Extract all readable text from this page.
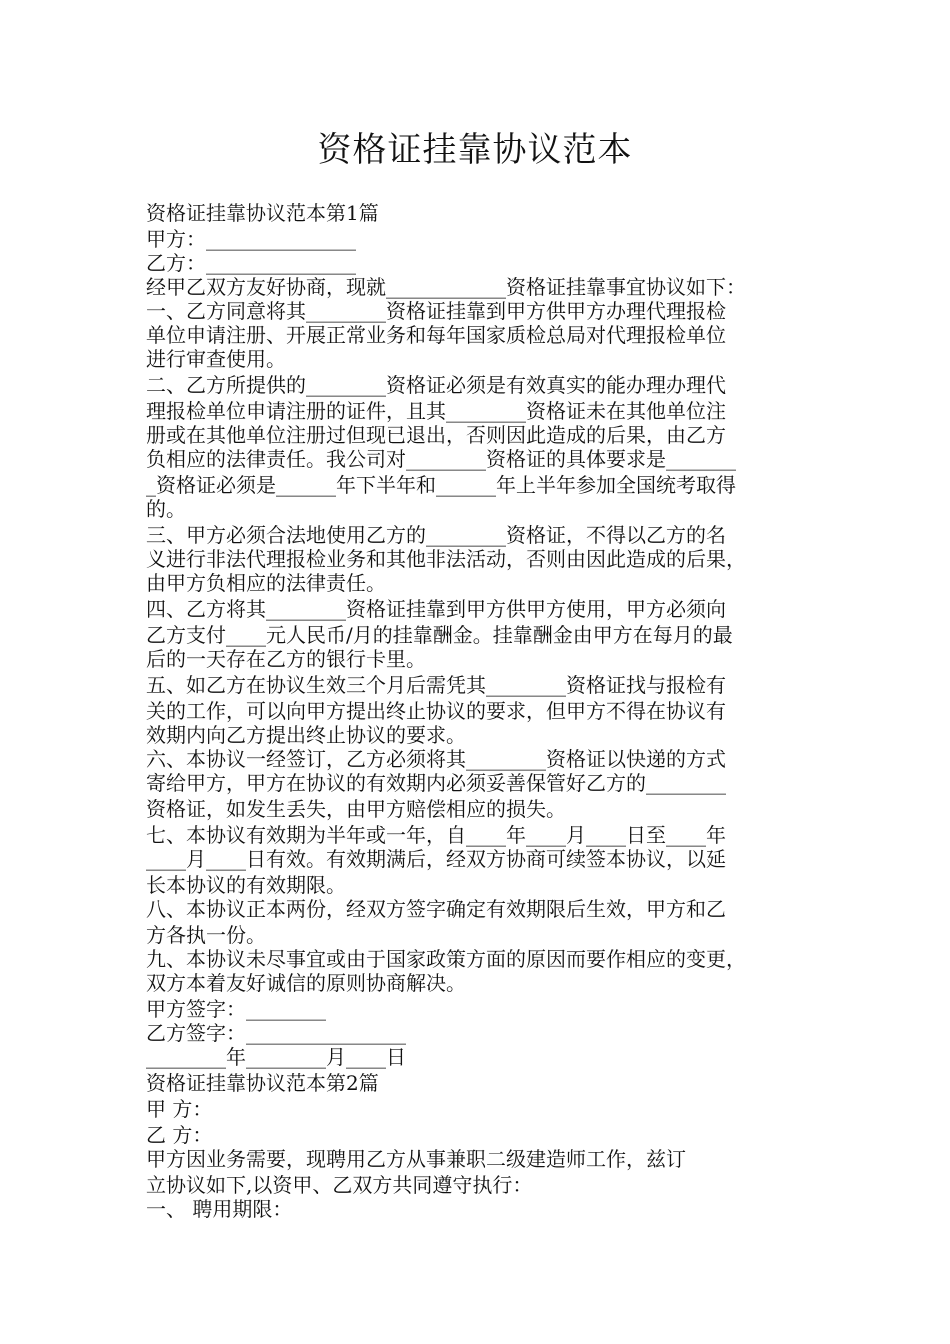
资格证挂靠协议范本
资格证挂靠协议范本第1篇
甲方：_______________
乙方：_______________
经甲乙双方友好协商，现就____________资格证挂靠事宜协议如下：
一、乙方同意将其________资格证挂靠到甲方供甲方办理代理报检
单位申请注册、开展正常业务和每年国家质检总局对代理报检单位
进行审查使用。
二、乙方所提供的________资格证必须是有效真实的能办理办理代
理报检单位申请注册的证件，且其________资格证未在其他单位注
册或在其他单位注册过但现已退出，否则因此造成的后果，由乙方
负相应的法律责任。我公司对________资格证的具体要求是_______
_资格证必须是______年下半年和______年上半年参加全国统考取得
的。
三、甲方必须合法地使用乙方的________资格证，不得以乙方的名
义进行非法代理报检业务和其他非法活动，否则由因此造成的后果，
由甲方负相应的法律责任。
四、乙方将其________资格证挂靠到甲方供甲方使用，甲方必须向
乙方支付____元人民币/月的挂靠酬金。挂靠酬金由甲方在每月的最
后的一天存在乙方的银行卡里。
五、如乙方在协议生效三个月后需凭其________资格证找与报检有
关的工作，可以向甲方提出终止协议的要求，但甲方不得在协议有
效期内向乙方提出终止协议的要求。
六、本协议一经签订，乙方必须将其________资格证以快递的方式
寄给甲方，甲方在协议的有效期内必须妥善保管好乙方的________
资格证，如发生丢失，由甲方赔偿相应的损失。
七、本协议有效期为半年或一年，自____年____月____日至____年
____月____日有效。有效期满后，经双方协商可续签本协议，以延
长本协议的有效期限。
八、本协议正本两份，经双方签字确定有效期限后生效，甲方和乙
方各执一份。
九、本协议未尽事宜或由于国家政策方面的原因而要作相应的变更，
双方本着友好诚信的原则协商解决。
甲方签字：________
乙方签字：________________
________年________月____日
资格证挂靠协议范本第2篇
甲 方：
乙 方：
甲方因业务需要，现聘用乙方从事兼职二级建造师工作，兹订
立协议如下,以资甲、乙双方共同遵守执行：
一、 聘用期限：
